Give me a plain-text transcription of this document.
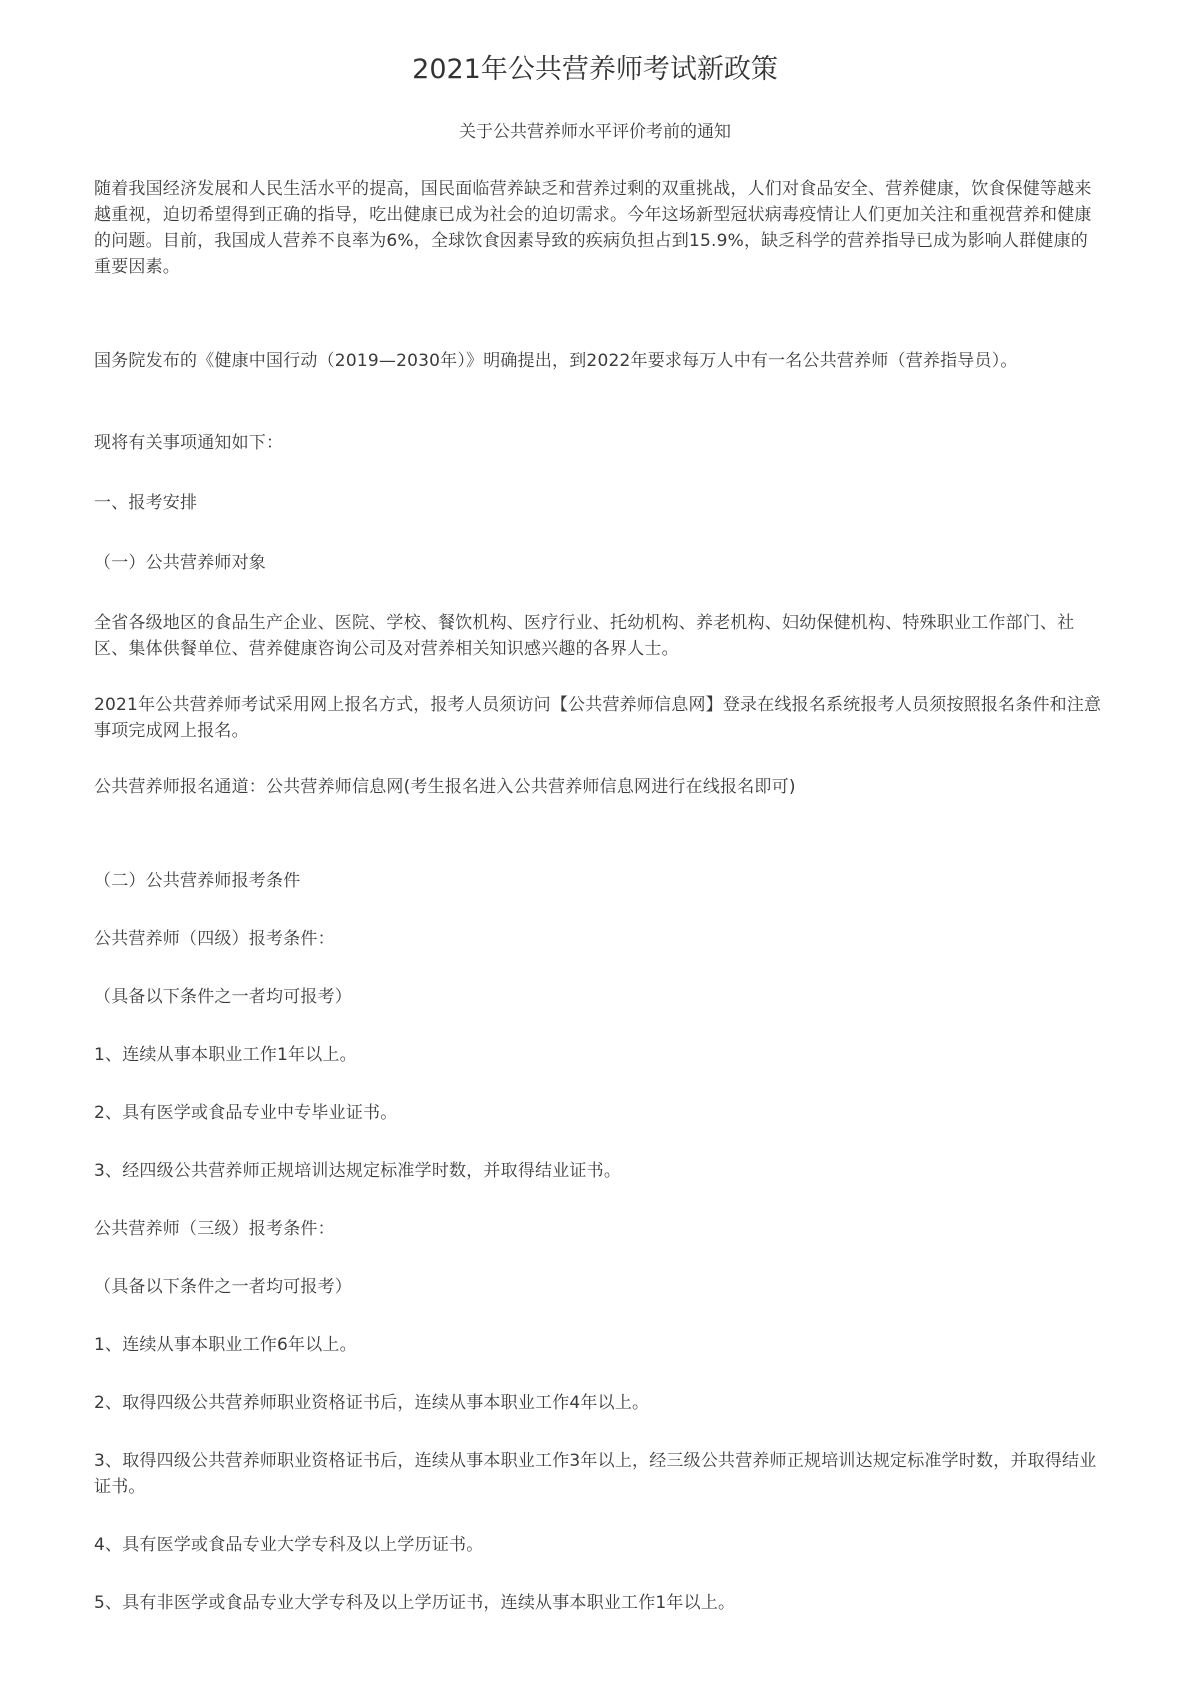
2021年公共营养师考试新政策

关于公共营养师水平评价考前的通知

随着我国经济发展和人民生活水平的提高，国民面临营养缺乏和营养过剩的双重挑战，人们对食品安全、营养健康，饮食保健等越来越重视，迫切希望得到正确的指导，吃出健康已成为社会的迫切需求。今年这场新型冠状病毒疫情让人们更加关注和重视营养和健康的问题。目前，我国成人营养不良率为6%，全球饮食因素导致的疾病负担占到15.9%，缺乏科学的营养指导已成为影响人群健康的重要因素。

国务院发布的《健康中国行动（2019—2030年）》明确提出，到2022年要求每万人中有一名公共营养师（营养指导员）。

现将有关事项通知如下：

一、报考安排

（一）公共营养师对象

全省各级地区的食品生产企业、医院、学校、餐饮机构、医疗行业、托幼机构、养老机构、妇幼保健机构、特殊职业工作部门、社区、集体供餐单位、营养健康咨询公司及对营养相关知识感兴趣的各界人士。

2021年公共营养师考试采用网上报名方式，报考人员须访问【公共营养师信息网】登录在线报名系统报考人员须按照报名条件和注意事项完成网上报名。

公共营养师报名通道：公共营养师信息网(考生报名进入公共营养师信息网进行在线报名即可)

（二）公共营养师报考条件

公共营养师（四级）报考条件：

（具备以下条件之一者均可报考）

1、连续从事本职业工作1年以上。

2、具有医学或食品专业中专毕业证书。

3、经四级公共营养师正规培训达规定标准学时数，并取得结业证书。

公共营养师（三级）报考条件：

（具备以下条件之一者均可报考）

1、连续从事本职业工作6年以上。

2、取得四级公共营养师职业资格证书后，连续从事本职业工作4年以上。

3、取得四级公共营养师职业资格证书后，连续从事本职业工作3年以上，经三级公共营养师正规培训达规定标准学时数，并取得结业证书。

4、具有医学或食品专业大学专科及以上学历证书。

5、具有非医学或食品专业大学专科及以上学历证书，连续从事本职业工作1年以上。
